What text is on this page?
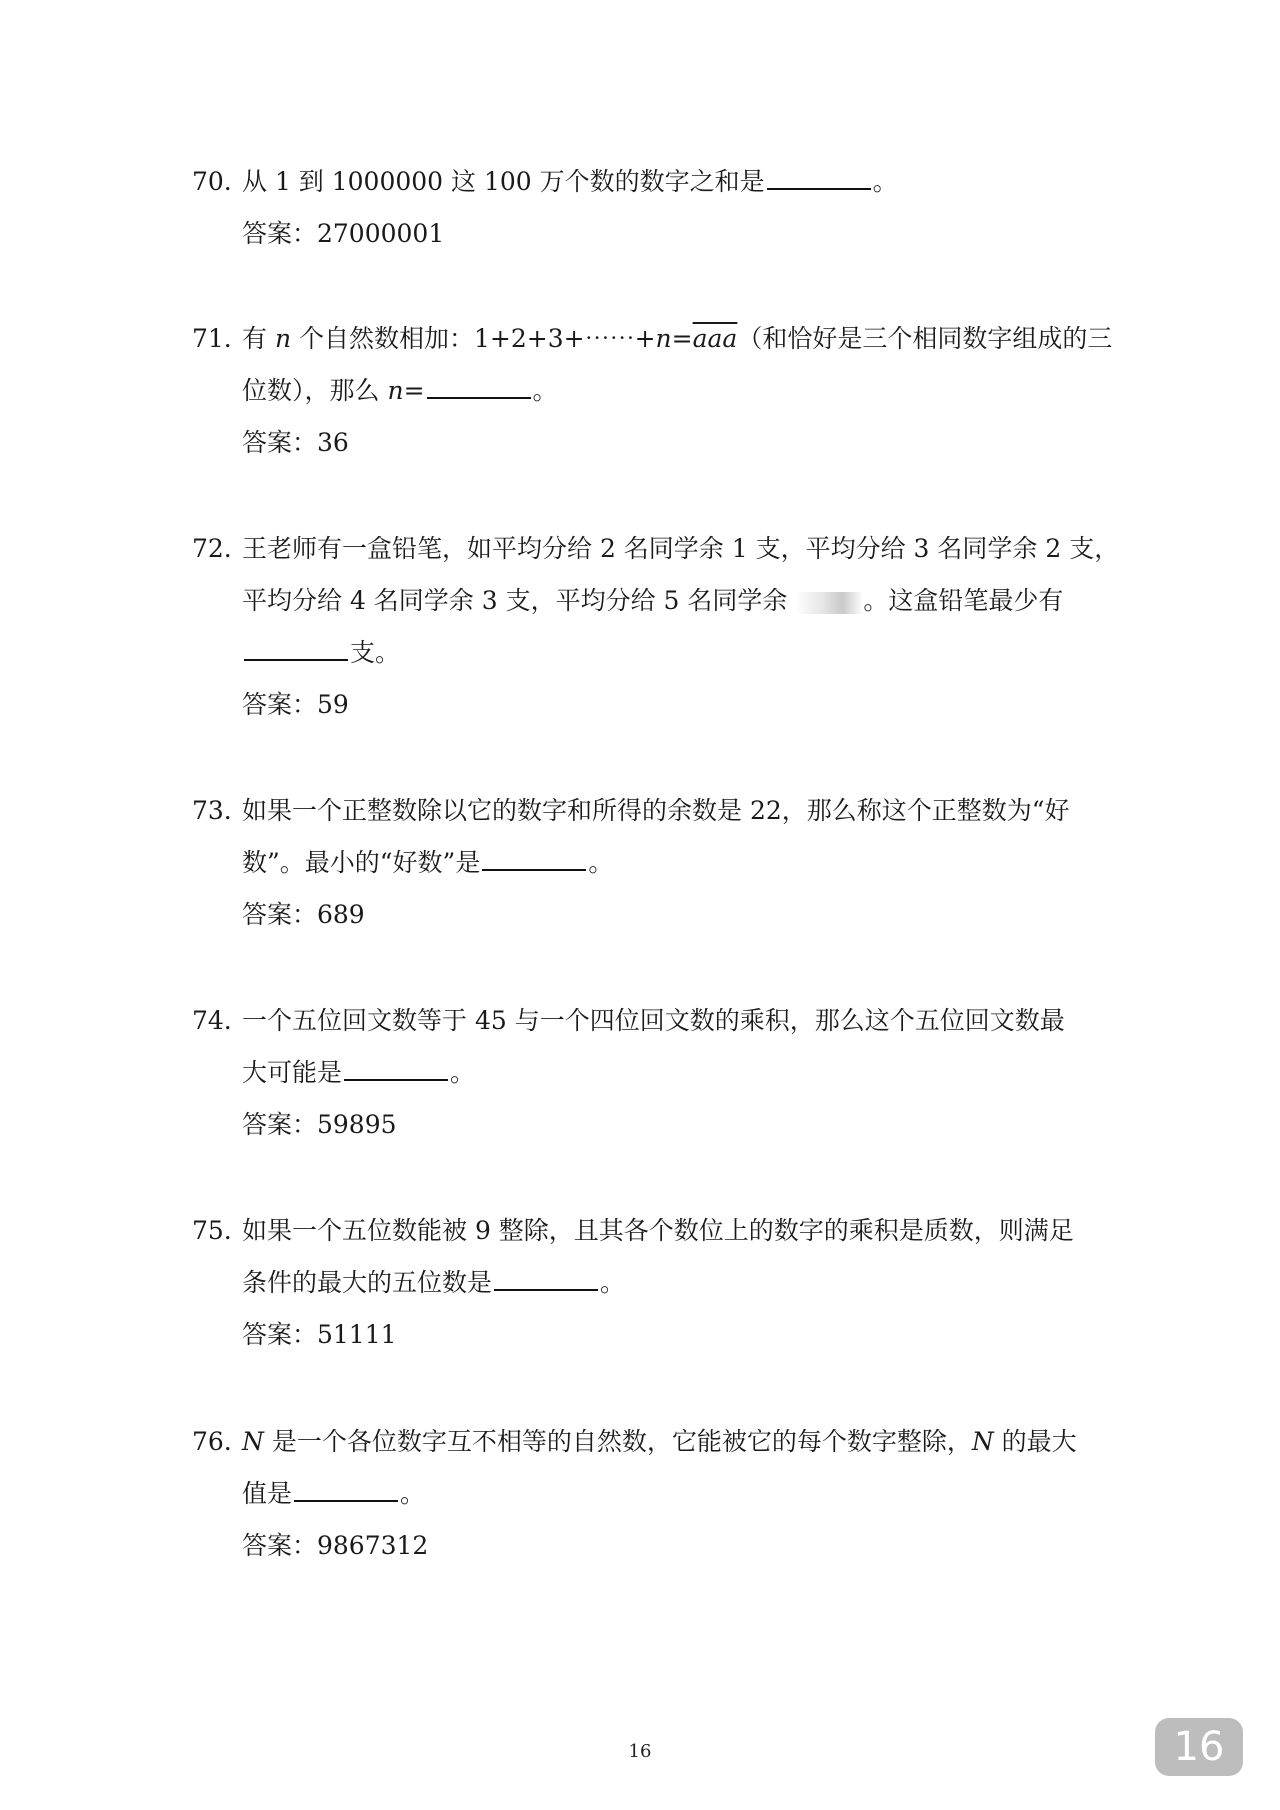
70. 从 1 到 1000000 这 100 万个数的数字之和是	。
答案：27000001
71. 有 n 个自然数相加：$1+2+3+\cdots\cdots+n=\overline{aaa}$（和恰好是三个相同数字组成的三
位数），那么 n=	。
答案：36
72. 王老师有一盒铅笔，如平均分给 2 名同学余 1 支，平均分给 3 名同学余 2 支，
平均分给 4 名同学余 3 支，平均分给 5 名同学余	。这盒铅笔最少有
支。
答案：59
73. 如果一个正整数除以它的数字和所得的余数是 22，那么称这个正整数为“好
数”。最小的“好数”是	。
答案：689
74. 一个五位回文数等于 45 与一个四位回文数的乘积，那么这个五位回文数最
大可能是	。
答案：59895
75. 如果一个五位数能被 9 整除，且其各个数位上的数字的乘积是质数，则满足
条件的最大的五位数是	。
答案：51111
76. N 是一个各位数字互不相等的自然数，它能被它的每个数字整除，N 的最大
值是	。
答案：9867312
16	16
